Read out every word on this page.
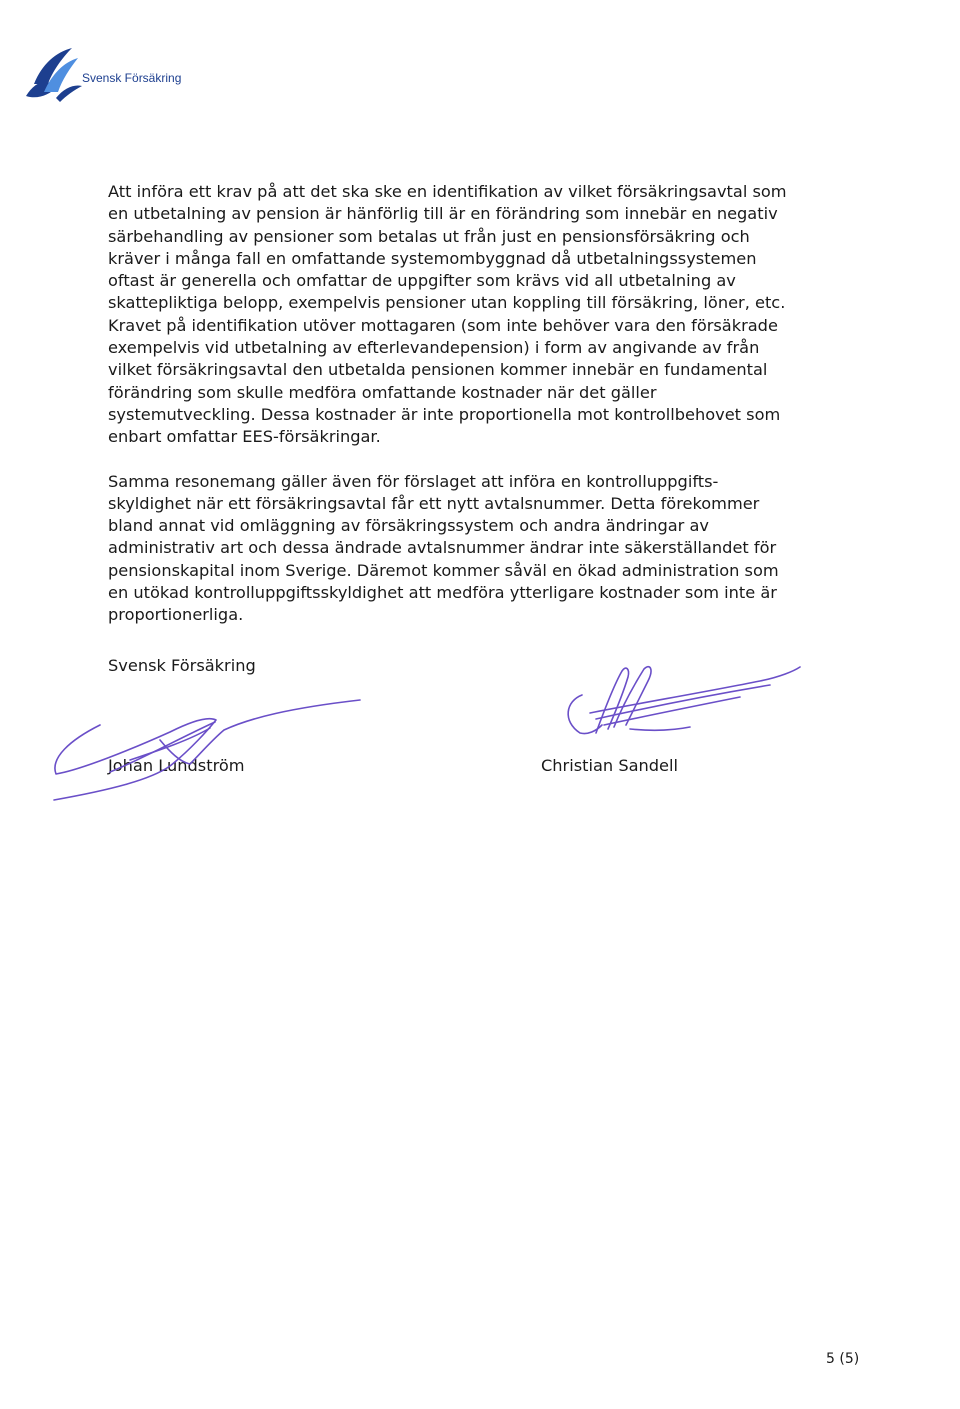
Svensk Försäkring

Att införa ett krav på att det ska ske en identifikation av vilket försäkringsavtal som
en utbetalning av pension är hänförlig till är en förändring som innebär en negativ
särbehandling av pensioner som betalas ut från just en pensionsförsäkring och
kräver i många fall en omfattande systemombyggnad då utbetalningssystemen
oftast är generella och omfattar de uppgifter som krävs vid all utbetalning av
skattepliktiga belopp, exempelvis pensioner utan koppling till försäkring, löner, etc.
Kravet på identifikation utöver mottagaren (som inte behöver vara den försäkrade
exempelvis vid utbetalning av efterlevandepension) i form av angivande av från
vilket försäkringsavtal den utbetalda pensionen kommer innebär en fundamental
förändring som skulle medföra omfattande kostnader när det gäller
systemutveckling. Dessa kostnader är inte proportionella mot kontrollbehovet som
enbart omfattar EES-försäkringar.

Samma resonemang gäller även för förslaget att införa en kontrolluppgifts-
skyldighet när ett försäkringsavtal får ett nytt avtalsnummer. Detta förekommer
bland annat vid omläggning av försäkringssystem och andra ändringar av
administrativ art och dessa ändrade avtalsnummer ändrar inte säkerställandet för
pensionskapital inom Sverige. Däremot kommer såväl en ökad administration som
en utökad kontrolluppgiftsskyldighet att medföra ytterligare kostnader som inte är
proportionerliga.

Svensk Försäkring
Johan Lundström	Christian Sandell
5 (5)
